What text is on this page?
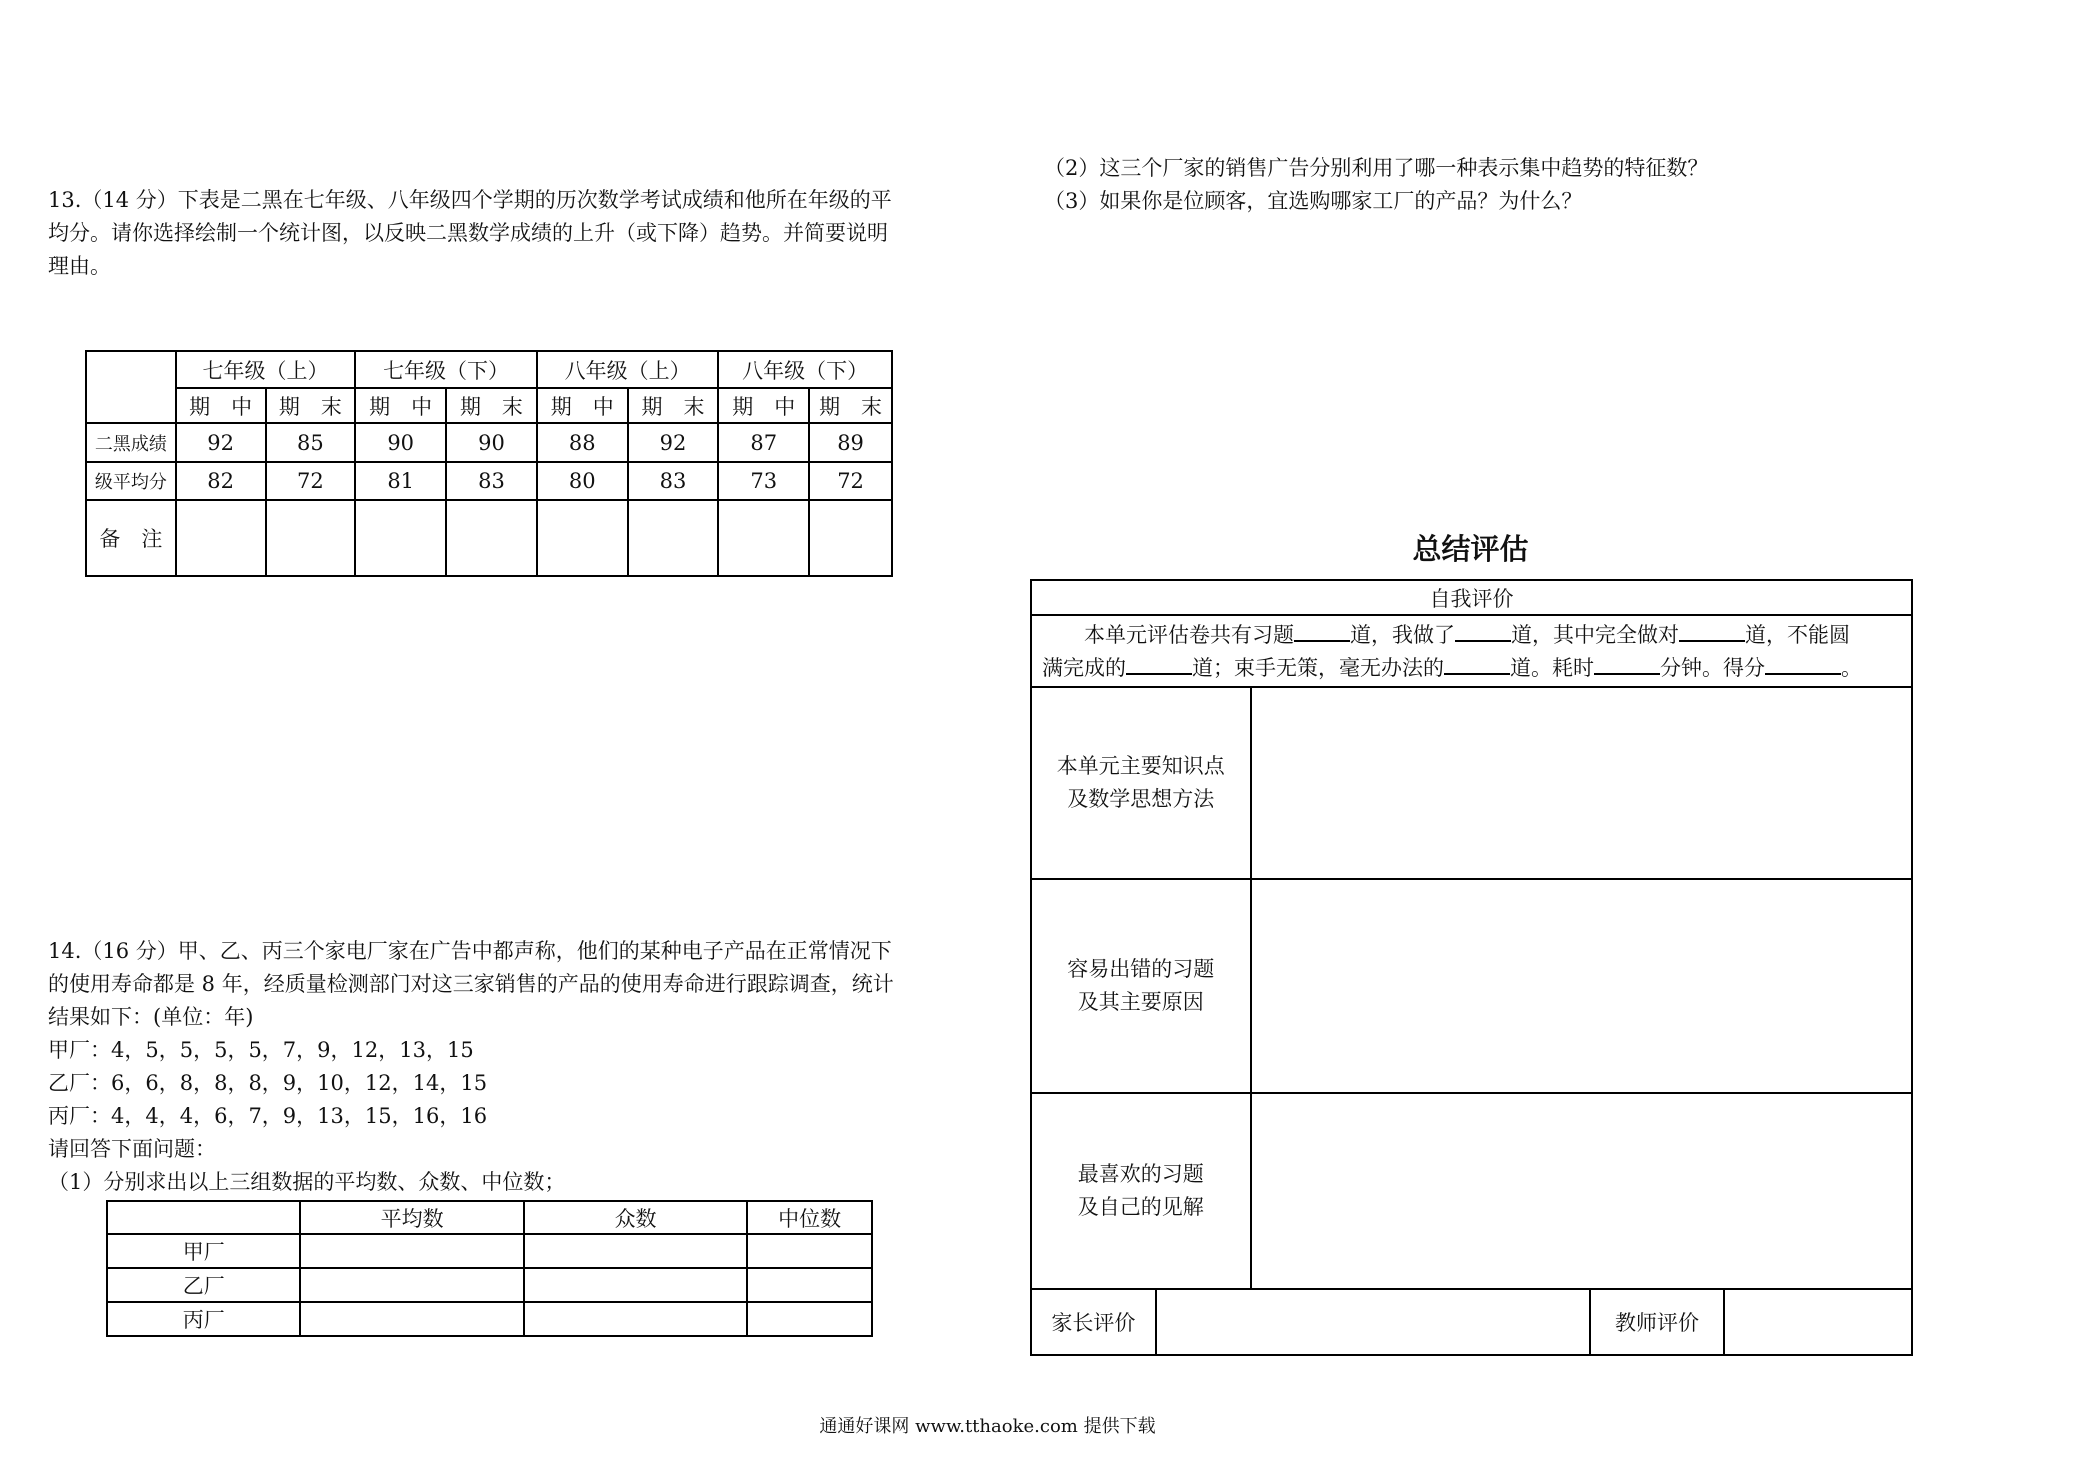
13.（14 分）下表是二黑在七年级、八年级四个学期的历次数学考试成绩和他所在年级的平
均分。请你选择绘制一个统计图，以反映二黑数学成绩的上升（或下降）趋势。并简要说明
理由。
	七年级（上）		七年级（下）		八年级（上）		八年级（下）	
	期　中	期　末	期　中	期　末	期　中	期　末	期　中	期　末
二黑成绩	92	85	90	90	88	92	87	89
级平均分	82	72	81	83	80	83	73	72
备　注								
14.（16 分）甲、乙、丙三个家电厂家在广告中都声称，他们的某种电子产品在正常情况下
的使用寿命都是 8 年，经质量检测部门对这三家销售的产品的使用寿命进行跟踪调查，统计
结果如下：(单位：年)
甲厂：4，5，5，5，5，7，9，12，13，15
乙厂：6，6，8，8，8，9，10，12，14，15
丙厂：4，4，4，6，7，9，13，15，16，16
请回答下面问题：
（1）分别求出以上三组数据的平均数、众数、中位数；
	平均数	众数	中位数
甲厂			
乙厂			
丙厂			
（2）这三个厂家的销售广告分别利用了哪一种表示集中趋势的特征数？
（3）如果你是位顾客，宜选购哪家工厂的产品？为什么？
总结评估
自我评价				
本单元评估卷共有习题 道，我做了 道，其中完全做对 道，不能圆
满完成的 道；束手无策，毫无办法的 道。耗时 分钟。得分 。				

本单元主要知识点
及数学思想方法				

容易出错的习题
及其主要原因				

最喜欢的习题
及自己的见解				

家长评价			教师评价	
通通好课网 www.tthaoke.com 提供下载
